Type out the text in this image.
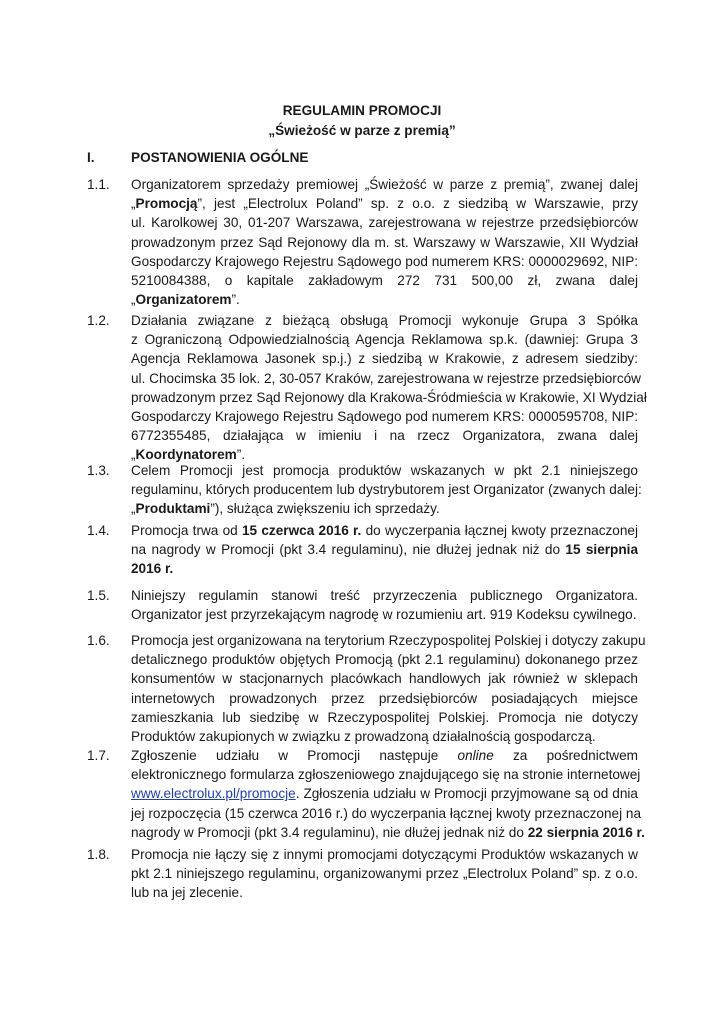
REGULAMIN PROMOCJI
„Świeżość w parze z premią”
I.	POSTANOWIENIA OGÓLNE
1.1. Organizatorem sprzedaży premiowej „Świeżość w parze z premią”, zwanej dalej
„Promocją”, jest „Electrolux Poland” sp. z o.o. z siedzibą w Warszawie, przy
ul. Karolkowej 30, 01-207 Warszawa, zarejestrowana w rejestrze przedsiębiorców
prowadzonym przez Sąd Rejonowy dla m. st. Warszawy w Warszawie, XII Wydział
Gospodarczy Krajowego Rejestru Sądowego pod numerem KRS: 0000029692, NIP:
5210084388, o kapitale zakładowym 272 731 500,00 zł, zwana dalej
„Organizatorem”.
1.2. Działania związane z bieżącą obsługą Promocji wykonuje Grupa 3 Spółka
z Ograniczoną Odpowiedzialnością Agencja Reklamowa sp.k. (dawniej: Grupa 3
Agencja Reklamowa Jasonek sp.j.) z siedzibą w Krakowie, z adresem siedziby:
ul. Chocimska 35 lok. 2, 30-057 Kraków, zarejestrowana w rejestrze przedsiębiorców
prowadzonym przez Sąd Rejonowy dla Krakowa-Śródmieścia w Krakowie, XI Wydział
Gospodarczy Krajowego Rejestru Sądowego pod numerem KRS: 0000595708, NIP:
6772355485, działająca w imieniu i na rzecz Organizatora, zwana dalej
„Koordynatorem”.
1.3. Celem Promocji jest promocja produktów wskazanych w pkt 2.1 niniejszego
regulaminu, których producentem lub dystrybutorem jest Organizator (zwanych dalej:
„Produktami”), służąca zwiększeniu ich sprzedaży.
1.4. Promocja trwa od 15 czerwca 2016 r. do wyczerpania łącznej kwoty przeznaczonej
na nagrody w Promocji (pkt 3.4 regulaminu), nie dłużej jednak niż do 15 sierpnia
2016 r.
1.5. Niniejszy regulamin stanowi treść przyrzeczenia publicznego Organizatora.
Organizator jest przyrzekającym nagrodę w rozumieniu art. 919 Kodeksu cywilnego.
1.6. Promocja jest organizowana na terytorium Rzeczypospolitej Polskiej i dotyczy zakupu
detalicznego produktów objętych Promocją (pkt 2.1 regulaminu) dokonanego przez
konsumentów w stacjonarnych placówkach handlowych jak również w sklepach
internetowych prowadzonych przez przedsiębiorców posiadających miejsce
zamieszkania lub siedzibę w Rzeczypospolitej Polskiej. Promocja nie dotyczy
Produktów zakupionych w związku z prowadzoną działalnością gospodarczą.
1.7. Zgłoszenie udziału w Promocji następuje online za pośrednictwem
elektronicznego formularza zgłoszeniowego znajdującego się na stronie internetowej
www.electrolux.pl/promocje. Zgłoszenia udziału w Promocji przyjmowane są od dnia
jej rozpoczęcia (15 czerwca 2016 r.) do wyczerpania łącznej kwoty przeznaczonej na
nagrody w Promocji (pkt 3.4 regulaminu), nie dłużej jednak niż do 22 sierpnia 2016 r.
1.8. Promocja nie łączy się z innymi promocjami dotyczącymi Produktów wskazanych w
pkt 2.1 niniejszego regulaminu, organizowanymi przez „Electrolux Poland” sp. z o.o.
lub na jej zlecenie.
